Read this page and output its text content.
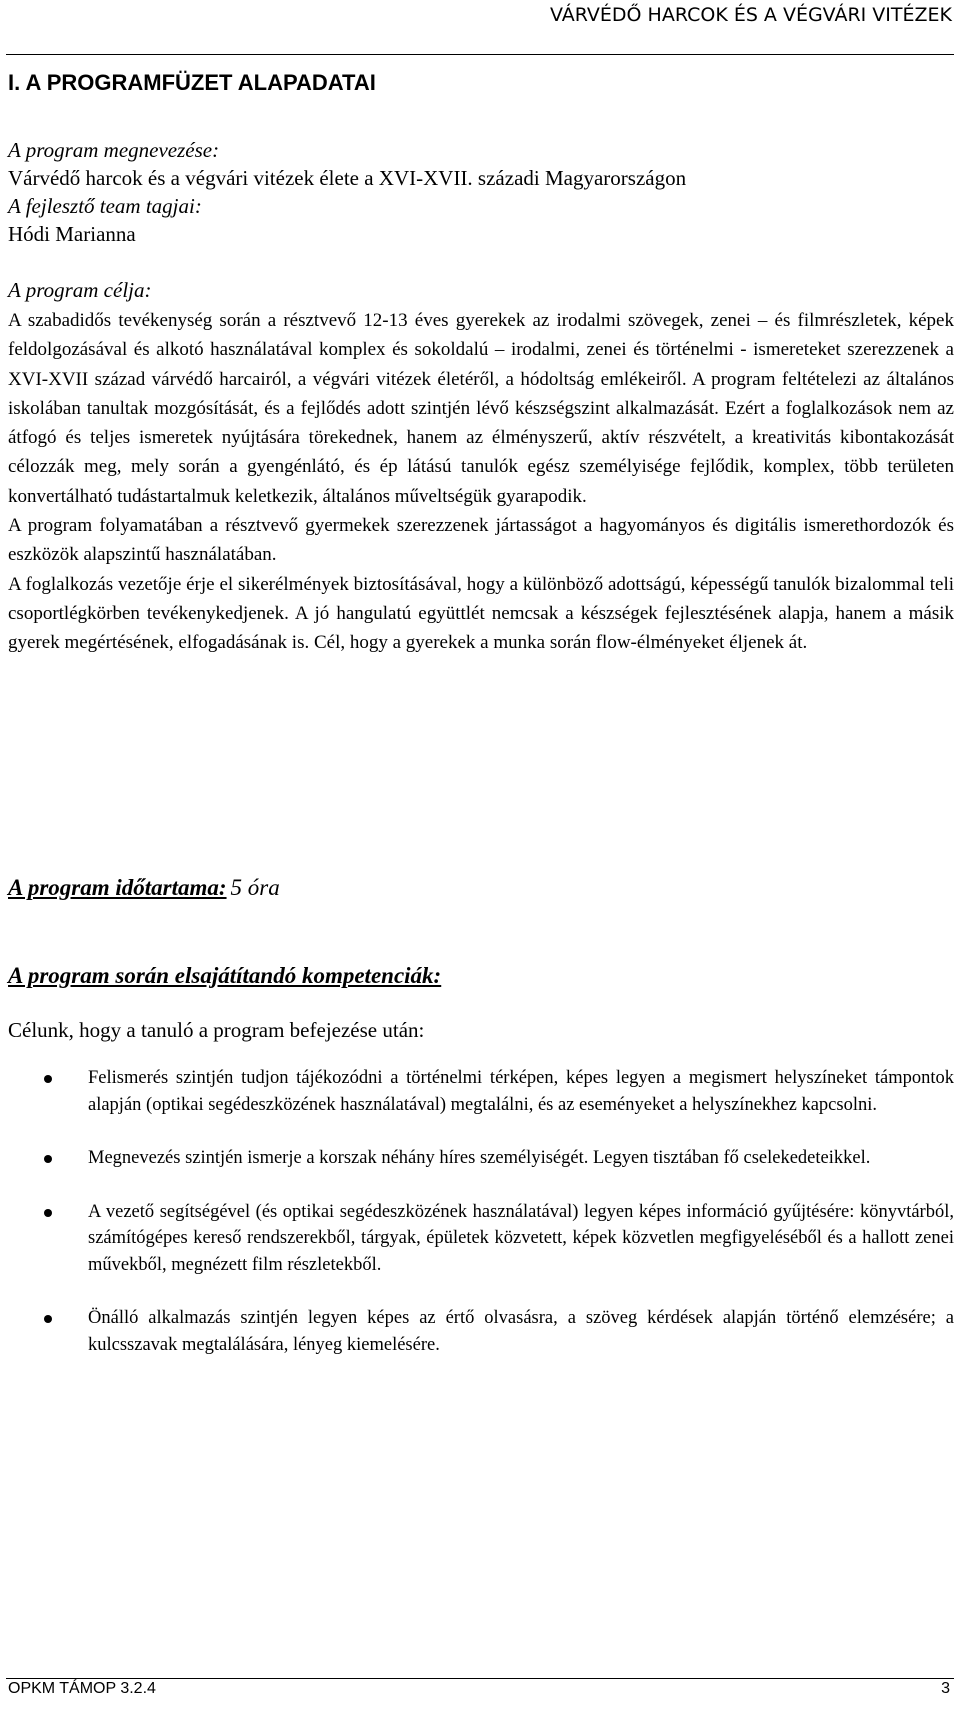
VÁRVÉDŐ HARCOK ÉS A VÉGVÁRI VITÉZEK
I. A PROGRAMFÜZET ALAPADATAI
A program megnevezése:
Várvédő harcok és a végvári vitézek élete a XVI-XVII. századi Magyarországon
A fejlesztő team tagjai:
Hódi Marianna
A program célja:

A szabadidős tevékenység során a résztvevő 12-13 éves gyerekek az irodalmi szövegek, zenei – és filmrészletek, képek feldolgozásával és alkotó használatával komplex és sokoldalú – irodalmi, zenei és történelmi - ismereteket szerezzenek a XVI-XVII század várvédő harcairól, a végvári vitézek életéről, a hódoltság emlékeiről. A program feltételezi az általános iskolában tanultak mozgósítását, és a fejlődés adott szintjén lévő készségszint alkalmazását. Ezért a foglalkozások nem az átfogó és teljes ismeretek nyújtására törekednek, hanem az élményszerű, aktív részvételt, a kreativitás kibontakozását célozzák meg, mely során a gyengénlátó, és ép látású tanulók egész személyisége fejlődik, komplex, több területen konvertálható tudástartalmuk keletkezik, általános műveltségük gyarapodik.

A program folyamatában a résztvevő gyermekek szerezzenek jártasságot a hagyományos és digitális ismerethordozók és eszközök alapszintű használatában.

A foglalkozás vezetője érje el sikerélmények biztosításával, hogy a különböző adottságú, képességű tanulók bizalommal teli csoportlégkörben tevékenykedjenek. A jó hangulatú együttlét nemcsak a készségek fejlesztésének alapja, hanem a másik gyerek megértésének, elfogadásának is. Cél, hogy a gyerekek a munka során flow-élményeket éljenek át.

A program időtartama: 5 óra
A program során elsajátítandó kompetenciák:
Célunk, hogy a tanuló a program befejezése után:
Felismerés szintjén tudjon tájékozódni a történelmi térképen, képes legyen a megismert helyszíneket támpontok alapján (optikai segédeszközének használatával) megtalálni, és az eseményeket a helyszínekhez kapcsolni.
Megnevezés szintjén ismerje a korszak néhány híres személyiségét. Legyen tisztában fő cselekedeteikkel.
A vezető segítségével (és optikai segédeszközének használatával) legyen képes információ gyűjtésére: könyvtárból, számítógépes kereső rendszerekből, tárgyak, épületek közvetett, képek közvetlen megfigyeléséből és a hallott zenei művekből, megnézett film részletekből.
Önálló alkalmazás szintjén legyen képes az értő olvasásra, a szöveg kérdések alapján történő elemzésére; a kulcsszavak megtalálására, lényeg kiemelésére.
OPKM TÁMOP 3.2.4	3
